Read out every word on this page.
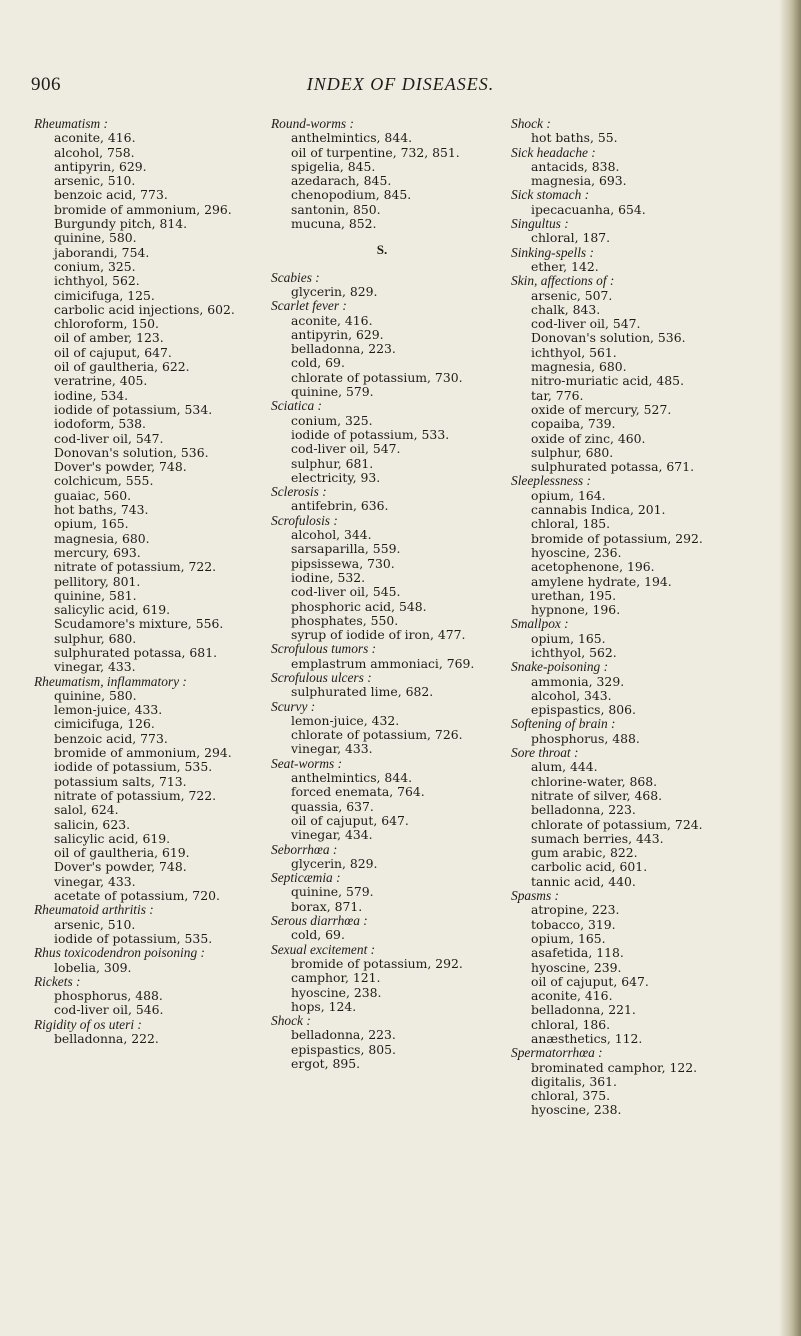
906	INDEX OF DISEASES.

Rheumatism :

aconite, 416.

alcohol, 758.

antipyrin, 629.

arsenic, 510.

benzoic acid, 773.

bromide of ammonium, 296.

Burgundy pitch, 814.

quinine, 580.

jaborandi, 754.

conium, 325.

ichthyol, 562.

cimicifuga, 125.

carbolic acid injections, 602.

chloroform, 150.

oil of amber, 123.

oil of cajuput, 647.

oil of gaultheria, 622.

veratrine, 405.

iodine, 534.

iodide of potassium, 534.

iodoform, 538.

cod-liver oil, 547.

Donovan's solution, 536.

Dover's powder, 748.

colchicum, 555.

guaiac, 560.

hot baths, 743.

opium, 165.

magnesia, 680.

mercury, 693.

nitrate of potassium, 722.

pellitory, 801.

quinine, 581.

salicylic acid, 619.

Scudamore's mixture, 556.

sulphur, 680.

sulphurated potassa, 681.

vinegar, 433.

Rheumatism, inflammatory :

quinine, 580.

lemon-juice, 433.

cimicifuga, 126.

benzoic acid, 773.

bromide of ammonium, 294.

iodide of potassium, 535.

potassium salts, 713.

nitrate of potassium, 722.

salol, 624.

salicin, 623.

salicylic acid, 619.

oil of gaultheria, 619.

Dover's powder, 748.

vinegar, 433.

acetate of potassium, 720.

Rheumatoid arthritis :

arsenic, 510.

iodide of potassium, 535.

Rhus toxicodendron poisoning :

lobelia, 309.

Rickets :

phosphorus, 488.

cod-liver oil, 546.

Rigidity of os uteri :

belladonna, 222.

Round-worms :

anthelmintics, 844.

oil of turpentine, 732, 851.

spigelia, 845.

azedarach, 845.

chenopodium, 845.

santonin, 850.

mucuna, 852.

S.

Scabies :

glycerin, 829.

Scarlet fever :

aconite, 416.

antipyrin, 629.

belladonna, 223.

cold, 69.

chlorate of potassium, 730.

quinine, 579.

Sciatica :

conium, 325.

iodide of potassium, 533.

cod-liver oil, 547.

sulphur, 681.

electricity, 93.

Sclerosis :

antifebrin, 636.

Scrofulosis :

alcohol, 344.

sarsaparilla, 559.

pipsissewa, 730.

iodine, 532.

cod-liver oil, 545.

phosphoric acid, 548.

phosphates, 550.

syrup of iodide of iron, 477.

Scrofulous tumors :

emplastrum ammoniaci, 769.

Scrofulous ulcers :

sulphurated lime, 682.

Scurvy :

lemon-juice, 432.

chlorate of potassium, 726.

vinegar, 433.

Seat-worms :

anthelmintics, 844.

forced enemata, 764.

quassia, 637.

oil of cajuput, 647.

vinegar, 434.

Seborrhœa :

glycerin, 829.

Septicæmia :

quinine, 579.

borax, 871.

Serous diarrhœa :

cold, 69.

Sexual excitement :

bromide of potassium, 292.

camphor, 121.

hyoscine, 238.

hops, 124.

Shock :

belladonna, 223.

epispastics, 805.

ergot, 895.

Shock :

hot baths, 55.

Sick headache :

antacids, 838.

magnesia, 693.

Sick stomach :

ipecacuanha, 654.

Singultus :

chloral, 187.

Sinking-spells :

ether, 142.

Skin, affections of :

arsenic, 507.

chalk, 843.

cod-liver oil, 547.

Donovan's solution, 536.

ichthyol, 561.

magnesia, 680.

nitro-muriatic acid, 485.

tar, 776.

oxide of mercury, 527.

copaiba, 739.

oxide of zinc, 460.

sulphur, 680.

sulphurated potassa, 671.

Sleeplessness :

opium, 164.

cannabis Indica, 201.

chloral, 185.

bromide of potassium, 292.

hyoscine, 236.

acetophenone, 196.

amylene hydrate, 194.

urethan, 195.

hypnone, 196.

Smallpox :

opium, 165.

ichthyol, 562.

Snake-poisoning :

ammonia, 329.

alcohol, 343.

epispastics, 806.

Softening of brain :

phosphorus, 488.

Sore throat :

alum, 444.

chlorine-water, 868.

nitrate of silver, 468.

belladonna, 223.

chlorate of potassium, 724.

sumach berries, 443.

gum arabic, 822.

carbolic acid, 601.

tannic acid, 440.

Spasms :

atropine, 223.

tobacco, 319.

opium, 165.

asafetida, 118.

hyoscine, 239.

oil of cajuput, 647.

aconite, 416.

belladonna, 221.

chloral, 186.

anæsthetics, 112.

Spermatorrhœa :

brominated camphor, 122.

digitalis, 361.

chloral, 375.

hyoscine, 238.
